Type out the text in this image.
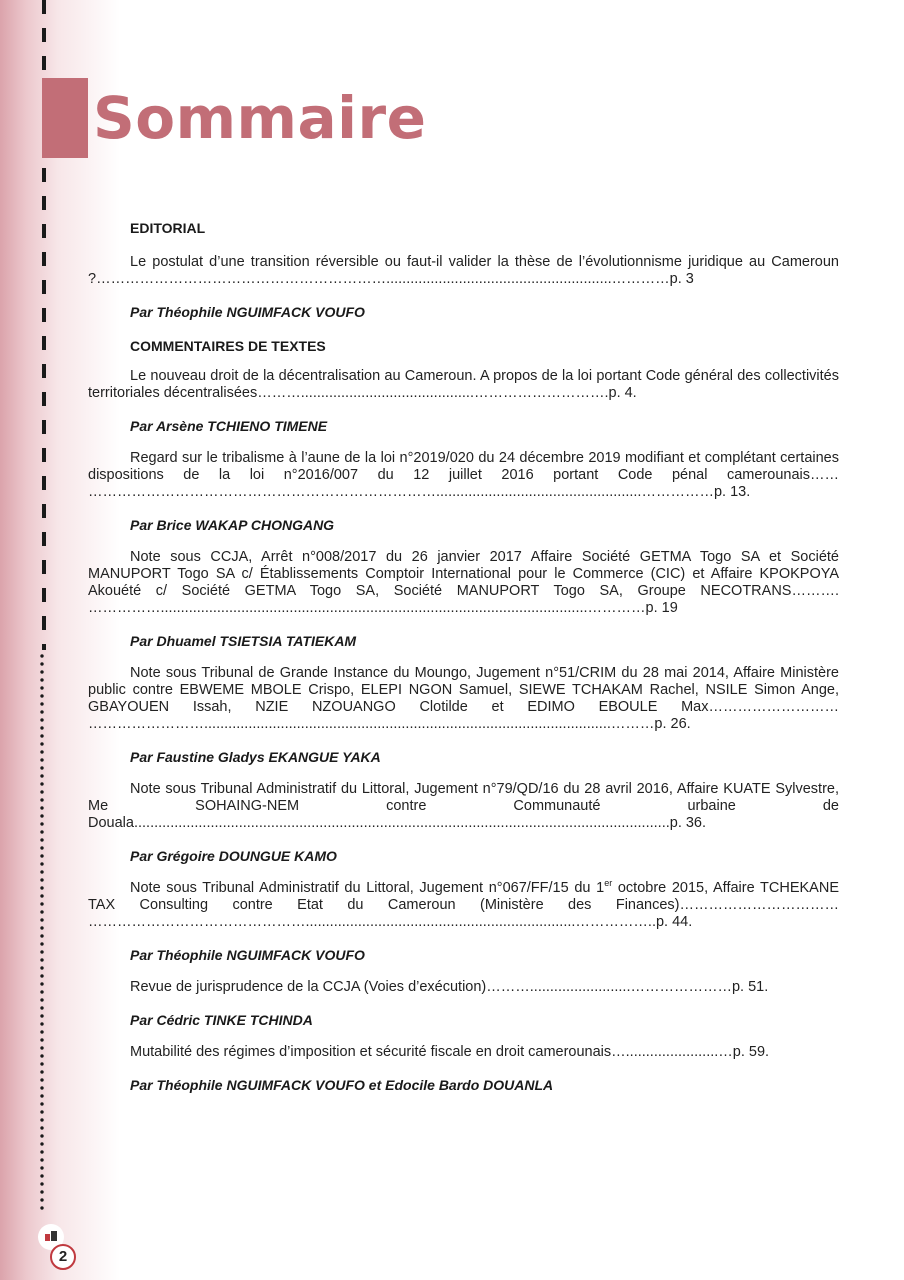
Sommaire

EDITORIAL

Le postulat d’une transition réversible ou faut-il valider la thèse de l’évolutionnisme juridique au Cameroun ?……………………………………………………........................................................…………p. 3

Par Théophile NGUIMFACK VOUFO

COMMENTAIRES DE TEXTES

Le nouveau droit de la décentralisation au Cameroun. A propos de la loi portant Code général des collectivités territoriales décentralisées………...........................................……………………….p. 4.

Par Arsène TCHIENO TIMENE

Regard sur le tribalisme à l’aune de la loi n°2019/020 du 24 décembre 2019 modifiant et complétant certaines dispositions de la loi n°2016/007 du 12 juillet 2016 portant Code pénal camerounais…… ………………………………………………………………...................................................……………p. 13.

Par Brice WAKAP CHONGANG

Note sous CCJA, Arrêt n°008/2017 du 26 janvier 2017 Affaire Société GETMA Togo SA et Société MANUPORT Togo SA c/ Établissements Comptoir International pour le Commerce (CIC) et Affaire KPOKPOYA Akouété c/ Société GETMA Togo SA, Société MANUPORT Togo SA, Groupe NECOTRANS………. ……………..........................................................................................................…………p. 19

Par Dhuamel TSIETSIA TATIEKAM

Note sous Tribunal de Grande Instance du Moungo, Jugement n°51/CRIM du 28 mai 2014, Affaire Ministère public contre EBWEME MBOLE Crispo, ELEPI NGON Samuel, SIEWE TCHAKAM Rachel, NSILE Simon Ange, GBAYOUEN Issah, NZIE NZOUANGO Clotilde et EDIMO EBOULE Max……………………… …………………….....................................................................................................………p. 26.

Par Faustine Gladys EKANGUE YAKA

Note sous Tribunal Administratif du Littoral, Jugement n°79/QD/16 du 28 avril 2016, Affaire KUATE Sylvestre, Me SOHAING-NEM contre Communauté urbaine de Douala.....................................................................................................................................p. 36.

Par Grégoire DOUNGUE KAMO

Note sous Tribunal Administratif du Littoral, Jugement n°067/FF/15 du 1er octobre 2015, Affaire TCHEKANE TAX Consulting contre Etat du Cameroun (Ministère des Finances)…………………………… ………………………………………...................................................................……………..p. 44.

Par Théophile NGUIMFACK VOUFO

Revue de jurisprudence de la CCJA (Voies d’exécution)……….........................…………………p. 51.

Par Cédric TINKE TCHINDA

Mutabilité des régimes d’imposition et sécurité fiscale en droit camerounais….......................…p. 59.

Par Théophile NGUIMFACK VOUFO et Edocile Bardo DOUANLA

2
